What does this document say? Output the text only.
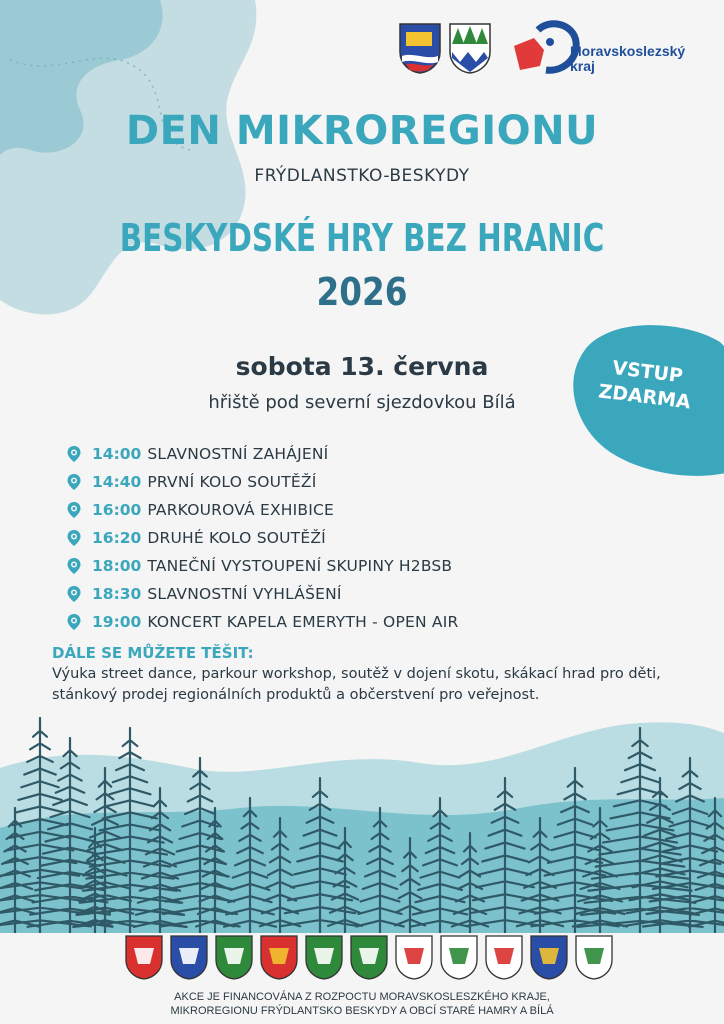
Moravskoslezský
kraj
DEN MIKROREGIONU
FRÝDLANSTKO-BESKYDY
BESKYDSKÉ HRY BEZ HRANIC
2026
sobota 13. června
hřiště pod severní sjezdovkou Bílá
VSTUP
ZDARMA
14:00 SLAVNOSTNÍ ZAHÁJENÍ
14:40 PRVNÍ KOLO SOUTĚŽÍ
16:00 PARKOUROVÁ EXHIBICE
16:20 DRUHÉ KOLO SOUTĚŽÍ
18:00 TANEČNÍ VYSTOUPENÍ SKUPINY H2BSB
18:30 SLAVNOSTNÍ VYHLÁŠENÍ
19:00 KONCERT KAPELA EMERYTH - OPEN AIR
DÁLE SE MŮŽETE TĚŠIT:
Výuka street dance, parkour workshop, soutěž v dojení skotu, skákací hrad pro děti, stánkový prodej regionálních produktů a občerstvení pro veřejnost.
AKCE JE FINANCOVÁNA Z ROZPOCTU MORAVSKOSLESZKÉHO KRAJE,
MIKROREGIONU FRÝDLANTSKO BESKYDY A OBCÍ STARÉ HAMRY A BÍLÁ
